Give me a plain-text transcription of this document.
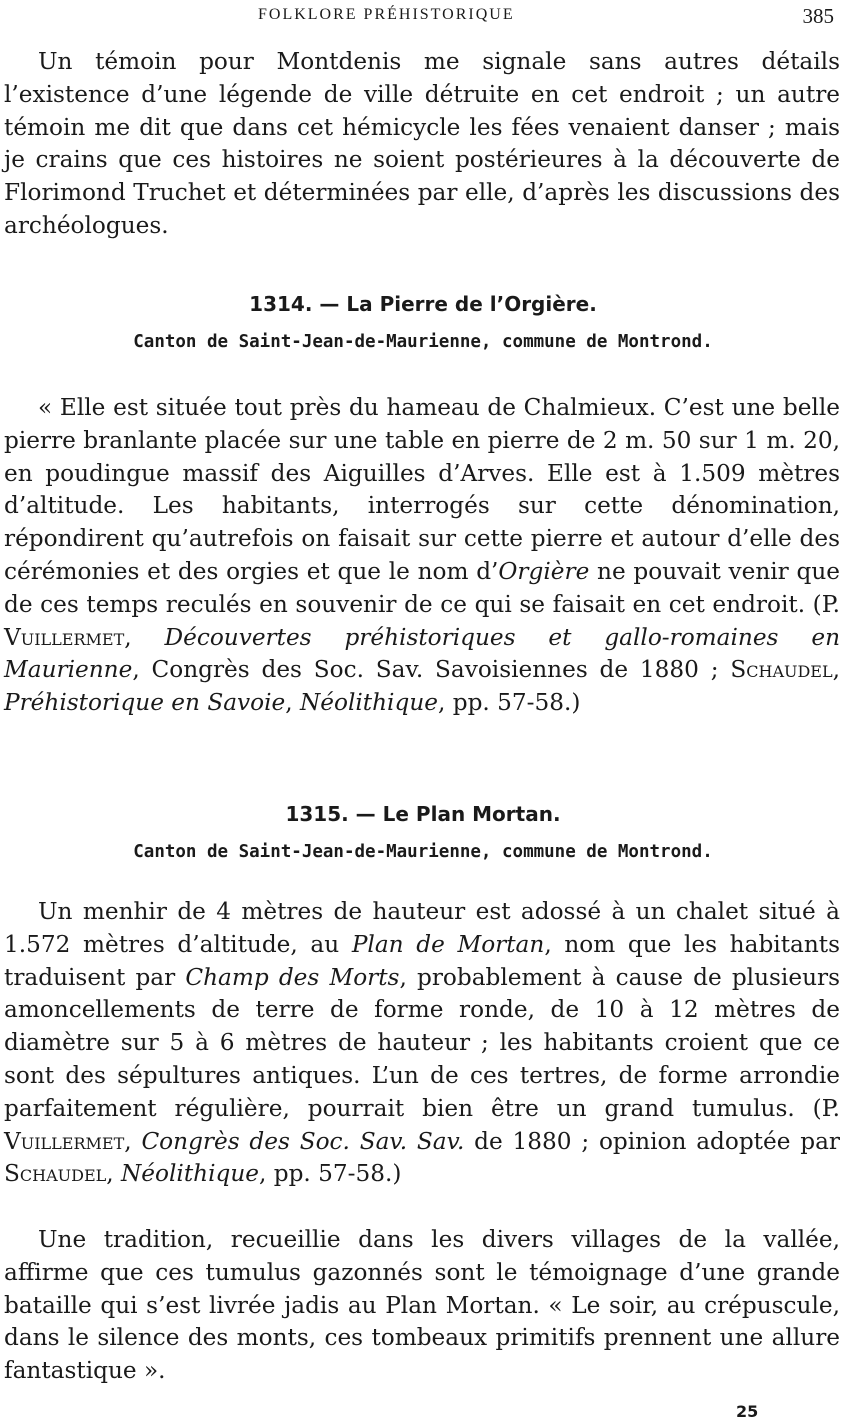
FOLKLORE PRÉHISTORIQUE	385

Un témoin pour Montdenis me signale sans autres détails l’existence d’une légende de ville détruite en cet endroit ; un autre témoin me dit que dans cet hémicycle les fées venaient danser ; mais je crains que ces histoires ne soient postérieures à la découverte de Florimond Truchet et déterminées par elle, d’après les discussions des archéologues.

1314. — La Pierre de l’Orgière.

Canton de Saint-Jean-de-Maurienne, commune de Montrond.

« Elle est située tout près du hameau de Chalmieux. C’est une belle pierre branlante placée sur une table en pierre de 2 m. 50 sur 1 m. 20, en poudingue massif des Aiguilles d’Arves. Elle est à 1.509 mètres d’altitude. Les habitants, interrogés sur cette dénomination, répondirent qu’autrefois on faisait sur cette pierre et autour d’elle des cérémonies et des orgies et que le nom d’Orgière ne pouvait venir que de ces temps reculés en souvenir de ce qui se faisait en cet endroit. (P. Vuillermet, Découvertes préhistoriques et gallo-romaines en Maurienne, Congrès des Soc. Sav. Savoisiennes de 1880 ; Schaudel, Préhistorique en Savoie, Néolithique, pp. 57-58.)

1315. — Le Plan Mortan.

Canton de Saint-Jean-de-Maurienne, commune de Montrond.

Un menhir de 4 mètres de hauteur est adossé à un chalet situé à 1.572 mètres d’altitude, au Plan de Mortan, nom que les habitants traduisent par Champ des Morts, probablement à cause de plusieurs amoncellements de terre de forme ronde, de 10 à 12 mètres de diamètre sur 5 à 6 mètres de hauteur ; les habitants croient que ce sont des sépultures antiques. L’un de ces tertres, de forme arrondie parfaitement régulière, pourrait bien être un grand tumulus. (P. Vuillermet, Congrès des Soc. Sav. Sav. de 1880 ; opinion adoptée par Schaudel, Néolithique, pp. 57-58.)

Une tradition, recueillie dans les divers villages de la vallée, affirme que ces tumulus gazonnés sont le témoignage d’une grande bataille qui s’est livrée jadis au Plan Mortan. « Le soir, au crépuscule, dans le silence des monts, ces tombeaux primitifs prennent une allure fantastique ».

25
